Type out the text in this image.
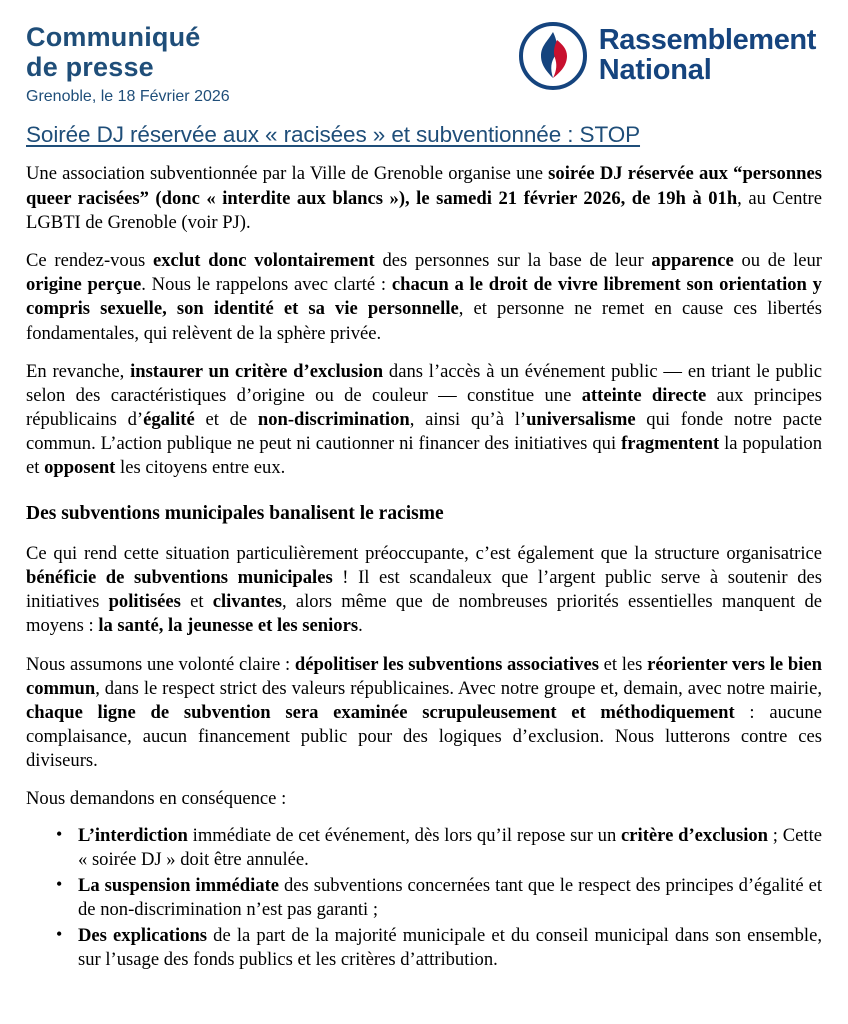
Communiqué
de presse
Grenoble, le 18 Février 2026
Rassemblement
National
Soirée DJ réservée aux « racisées » et subventionnée : STOP

Une association subventionnée par la Ville de Grenoble organise une soirée DJ réservée aux “personnes queer racisées” (donc « interdite aux blancs »), le samedi 21 février 2026, de 19h à 01h, au Centre LGBTI de Grenoble (voir PJ).

Ce rendez-vous exclut donc volontairement des personnes sur la base de leur apparence ou de leur origine perçue. Nous le rappelons avec clarté : chacun a le droit de vivre librement son orientation y compris sexuelle, son identité et sa vie personnelle, et personne ne remet en cause ces libertés fondamentales, qui relèvent de la sphère privée.

En revanche, instaurer un critère d’exclusion dans l’accès à un événement public — en triant le public selon des caractéristiques d’origine ou de couleur — constitue une atteinte directe aux principes républicains d’égalité et de non-discrimination, ainsi qu’à l’universalisme qui fonde notre pacte commun. L’action publique ne peut ni cautionner ni financer des initiatives qui fragmentent la population et opposent les citoyens entre eux.

Des subventions municipales banalisent le racisme

Ce qui rend cette situation particulièrement préoccupante, c’est également que la structure organisatrice bénéficie de subventions municipales ! Il est scandaleux que l’argent public serve à soutenir des initiatives politisées et clivantes, alors même que de nombreuses priorités essentielles manquent de moyens : la santé, la jeunesse et les seniors.

Nous assumons une volonté claire : dépolitiser les subventions associatives et les réorienter vers le bien commun, dans le respect strict des valeurs républicaines. Avec notre groupe et, demain, avec notre mairie, chaque ligne de subvention sera examinée scrupuleusement et méthodiquement : aucune complaisance, aucun financement public pour des logiques d’exclusion. Nous lutterons contre ces diviseurs.

Nous demandons en conséquence :

• L’interdiction immédiate de cet événement, dès lors qu’il repose sur un critère d’exclusion ; Cette « soirée DJ » doit être annulée.
• La suspension immédiate des subventions concernées tant que le respect des principes d’égalité et de non-discrimination n’est pas garanti ;
• Des explications de la part de la majorité municipale et du conseil municipal dans son ensemble, sur l’usage des fonds publics et les critères d’attribution.
